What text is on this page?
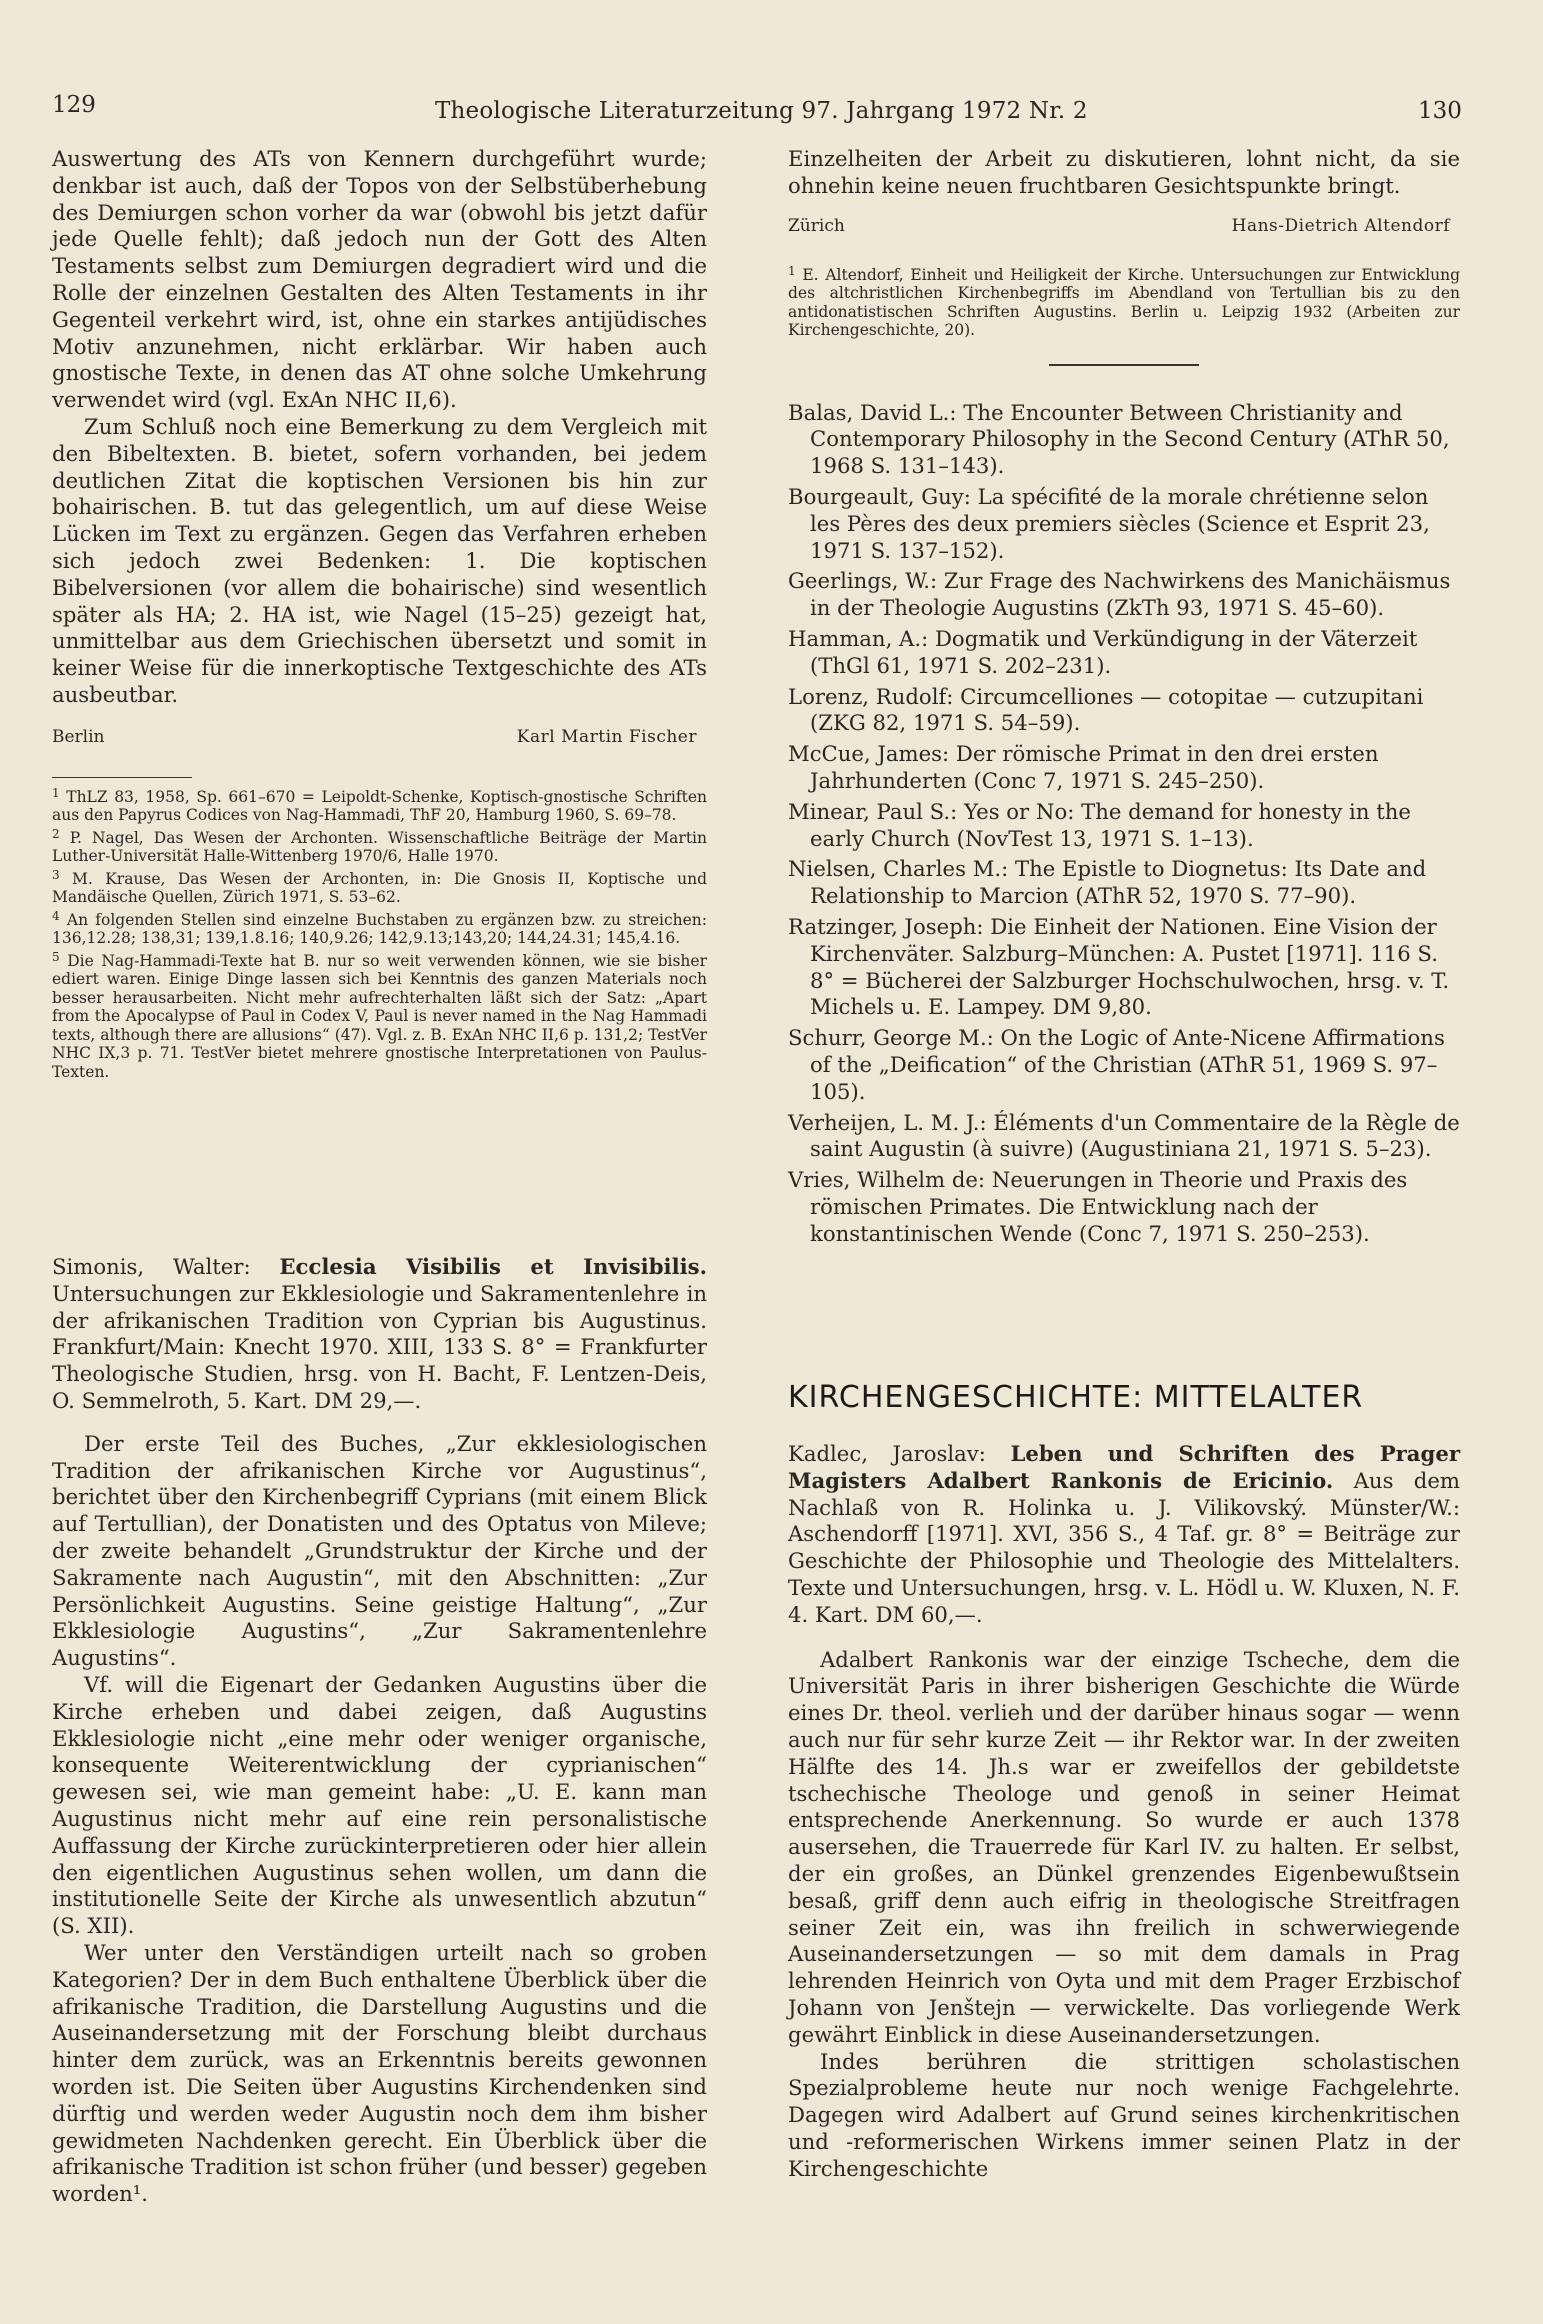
129	Theologische Literaturzeitung 97. Jahrgang 1972 Nr. 2	130

Auswertung des ATs von Kennern durchgeführt wurde; denkbar ist auch, daß der Topos von der Selbstüberhebung des Demiurgen schon vorher da war (obwohl bis jetzt dafür jede Quelle fehlt); daß jedoch nun der Gott des Alten Testaments selbst zum Demiurgen degradiert wird und die Rolle der einzelnen Gestalten des Alten Testaments in ihr Gegenteil verkehrt wird, ist, ohne ein starkes antijüdisches Motiv anzunehmen, nicht erklärbar. Wir haben auch gnostische Texte, in denen das AT ohne solche Umkehrung verwendet wird (vgl. ExAn NHC II,6).

Zum Schluß noch eine Bemerkung zu dem Vergleich mit den Bibeltexten. B. bietet, sofern vorhanden, bei jedem deutlichen Zitat die koptischen Versionen bis hin zur bohairischen. B. tut das gelegentlich, um auf diese Weise Lücken im Text zu ergänzen. Gegen das Verfahren erheben sich jedoch zwei Bedenken: 1. Die koptischen Bibelversionen (vor allem die bohairische) sind wesentlich später als HA; 2. HA ist, wie Nagel (15–25) gezeigt hat, unmittelbar aus dem Griechischen übersetzt und somit in keiner Weise für die innerkoptische Textgeschichte des ATs ausbeutbar.

Berlin	Karl Martin Fischer

$^1$ ThLZ 83, 1958, Sp. 661–670 = Leipoldt-Schenke, Koptisch-gnostische Schriften aus den Papyrus Codices von Nag-Hammadi, ThF 20, Hamburg 1960, S. 69–78.

$^2$ P. Nagel, Das Wesen der Archonten. Wissenschaftliche Beiträge der Martin Luther-Universität Halle-Wittenberg 1970/6, Halle 1970.

$^3$ M. Krause, Das Wesen der Archonten, in: Die Gnosis II, Koptische und Mandäische Quellen, Zürich 1971, S. 53–62.

$^4$ An folgenden Stellen sind einzelne Buchstaben zu ergänzen bzw. zu streichen: 136,12.28; 138,31; 139,1.8.16; 140,9.26; 142,9.13;143,20; 144,24.31; 145,4.16.

$^5$ Die Nag-Hammadi-Texte hat B. nur so weit verwenden können, wie sie bisher ediert waren. Einige Dinge lassen sich bei Kenntnis des ganzen Materials noch besser herausarbeiten. Nicht mehr aufrechterhalten läßt sich der Satz: „Apart from the Apocalypse of Paul in Codex V, Paul is never named in the Nag Hammadi texts, although there are allusions“ (47). Vgl. z. B. ExAn NHC II,6 p. 131,2; TestVer NHC IX,3 p. 71. TestVer bietet mehrere gnostische Interpretationen von Paulus-Texten.

Simonis, Walter: Ecclesia Visibilis et Invisibilis. Untersuchungen zur Ekklesiologie und Sakramentenlehre in der afrikanischen Tradition von Cyprian bis Augustinus. Frankfurt/Main: Knecht 1970. XIII, 133 S. 8° = Frankfurter Theologische Studien, hrsg. von H. Bacht, F. Lentzen-Deis, O. Semmelroth, 5. Kart. DM 29,—.

Der erste Teil des Buches, „Zur ekklesiologischen Tradition der afrikanischen Kirche vor Augustinus“, berichtet über den Kirchenbegriff Cyprians (mit einem Blick auf Tertullian), der Donatisten und des Optatus von Mileve; der zweite behandelt „Grundstruktur der Kirche und der Sakramente nach Augustin“, mit den Abschnitten: „Zur Persönlichkeit Augustins. Seine geistige Haltung“, „Zur Ekklesiologie Augustins“, „Zur Sakramentenlehre Augustins“.

Vf. will die Eigenart der Gedanken Augustins über die Kirche erheben und dabei zeigen, daß Augustins Ekklesiologie nicht „eine mehr oder weniger organische, konsequente Weiterentwicklung der cyprianischen“ gewesen sei, wie man gemeint habe: „U. E. kann man Augustinus nicht mehr auf eine rein personalistische Auffassung der Kirche zurückinterpretieren oder hier allein den eigentlichen Augustinus sehen wollen, um dann die institutionelle Seite der Kirche als unwesentlich abzutun“ (S. XII).

Wer unter den Verständigen urteilt nach so groben Kategorien? Der in dem Buch enthaltene Überblick über die afrikanische Tradition, die Darstellung Augustins und die Auseinandersetzung mit der Forschung bleibt durchaus hinter dem zurück, was an Erkenntnis bereits gewonnen worden ist. Die Seiten über Augustins Kirchendenken sind dürftig und werden weder Augustin noch dem ihm bisher gewidmeten Nachdenken gerecht. Ein Überblick über die afrikanische Tradition ist schon früher (und besser) gegeben worden¹.

Einzelheiten der Arbeit zu diskutieren, lohnt nicht, da sie ohnehin keine neuen fruchtbaren Gesichtspunkte bringt.

Zürich	Hans-Dietrich Altendorf

$^1$ E. Altendorf, Einheit und Heiligkeit der Kirche. Untersuchungen zur Entwicklung des altchristlichen Kirchenbegriffs im Abendland von Tertullian bis zu den antidonatistischen Schriften Augustins. Berlin u. Leipzig 1932 (Arbeiten zur Kirchengeschichte, 20).

Balas, David L.: The Encounter Between Christianity and Contemporary Philosophy in the Second Century (AThR 50, 1968 S. 131–143).

Bourgeault, Guy: La spécifité de la morale chrétienne selon les Pères des deux premiers siècles (Science et Esprit 23, 1971 S. 137–152).

Geerlings, W.: Zur Frage des Nachwirkens des Manichäismus in der Theologie Augustins (ZkTh 93, 1971 S. 45–60).

Hamman, A.: Dogmatik und Verkündigung in der Väterzeit (ThGl 61, 1971 S. 202–231).

Lorenz, Rudolf: Circumcelliones — cotopitae — cutzupitani (ZKG 82, 1971 S. 54–59).

McCue, James: Der römische Primat in den drei ersten Jahrhunderten (Conc 7, 1971 S. 245–250).

Minear, Paul S.: Yes or No: The demand for honesty in the early Church (NovTest 13, 1971 S. 1–13).

Nielsen, Charles M.: The Epistle to Diognetus: Its Date and Relationship to Marcion (AThR 52, 1970 S. 77–90).

Ratzinger, Joseph: Die Einheit der Nationen. Eine Vision der Kirchenväter. Salzburg–München: A. Pustet [1971]. 116 S. 8° = Bücherei der Salzburger Hochschulwochen, hrsg. v. T. Michels u. E. Lampey. DM 9,80.

Schurr, George M.: On the Logic of Ante-Nicene Affirmations of the „Deification“ of the Christian (AThR 51, 1969 S. 97–105).

Verheijen, L. M. J.: Éléments d'un Commentaire de la Règle de saint Augustin (à suivre) (Augustiniana 21, 1971 S. 5–23).

Vries, Wilhelm de: Neuerungen in Theorie und Praxis des römischen Primates. Die Entwicklung nach der konstantinischen Wende (Conc 7, 1971 S. 250–253).

KIRCHENGESCHICHTE: MITTELALTER

Kadlec, Jaroslav: Leben und Schriften des Prager Magisters Adalbert Rankonis de Ericinio. Aus dem Nachlaß von R. Holinka u. J. Vilikovský. Münster/W.: Aschendorff [1971]. XVI, 356 S., 4 Taf. gr. 8° = Beiträge zur Geschichte der Philosophie und Theologie des Mittelalters. Texte und Untersuchungen, hrsg. v. L. Hödl u. W. Kluxen, N. F. 4. Kart. DM 60,—.

Adalbert Rankonis war der einzige Tscheche, dem die Universität Paris in ihrer bisherigen Geschichte die Würde eines Dr. theol. verlieh und der darüber hinaus sogar — wenn auch nur für sehr kurze Zeit — ihr Rektor war. In der zweiten Hälfte des 14. Jh.s war er zweifellos der gebildetste tschechische Theologe und genoß in seiner Heimat entsprechende Anerkennung. So wurde er auch 1378 ausersehen, die Trauerrede für Karl IV. zu halten. Er selbst, der ein großes, an Dünkel grenzendes Eigenbewußtsein besaß, griff denn auch eifrig in theologische Streitfragen seiner Zeit ein, was ihn freilich in schwerwiegende Auseinandersetzungen — so mit dem damals in Prag lehrenden Heinrich von Oyta und mit dem Prager Erzbischof Johann von Jenštejn — verwickelte. Das vorliegende Werk gewährt Einblick in diese Auseinandersetzungen.

Indes berühren die strittigen scholastischen Spezialprobleme heute nur noch wenige Fachgelehrte. Dagegen wird Adalbert auf Grund seines kirchenkritischen und -reformerischen Wirkens immer seinen Platz in der Kirchengeschichte
